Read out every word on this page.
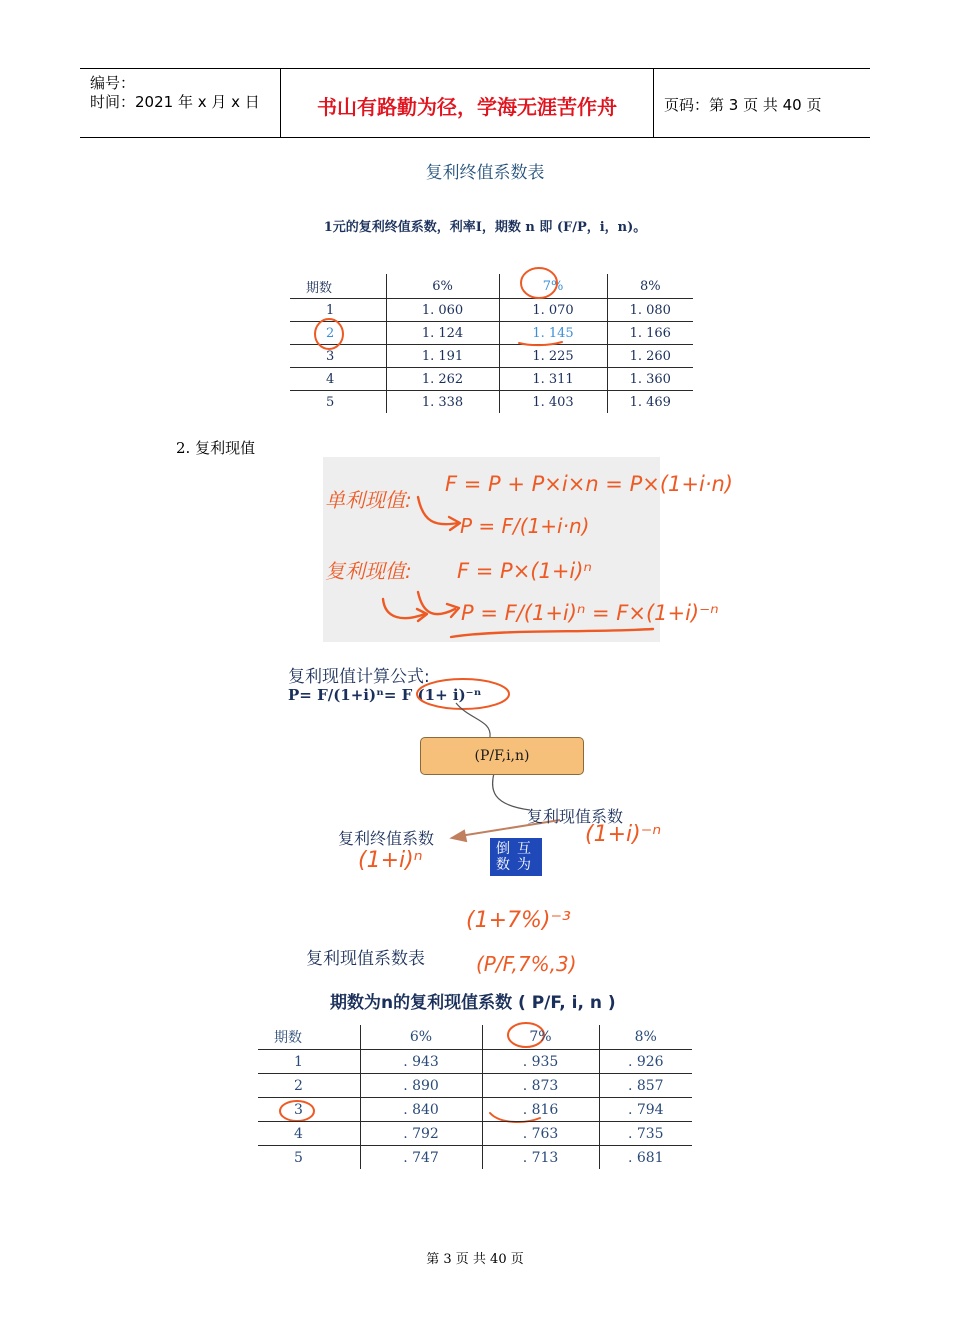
编号：
时间：2021 年 x 月 x 日	书山有路勤为径，学海无涯苦作舟	页码：第 3 页 共 40 页
复利终值系数表
1元的复利终值系数，利率I，期数 n 即 (F/P，i，n)。
期数	6%	7%	8%
1	1. 060	1. 070	1. 080
2	1. 124	1. 145	1. 166
3	1. 191	1. 225	1. 260
4	1. 262	1. 311	1. 360
5	1. 338	1. 403	1. 469
2. 复利现值
单利现值:
F = P + P×i×n = P×(1+i·n)
P = F/(1+i·n)
复利现值: F = P×(1+i)ⁿ
P = F/(1+i)ⁿ = F×(1+i)⁻ⁿ
复利现值计算公式:
P= F/(1+i)ⁿ= F (1+ i)⁻ⁿ
(P/F,i,n)
复利现值系数
复利终值系数
(1+i)ⁿ
(1+i)⁻ⁿ
倒 互
数 为
复利现值系数表
(1+7%)⁻³
(P/F,7%,3)
期数为n的复利现值系数 ( P/F, i, n )
期数	6%	7%	8%
1	. 943	. 935	. 926
2	. 890	. 873	. 857
3	. 840	. 816	. 794
4	. 792	. 763	. 735
5	. 747	. 713	. 681
第 3 页 共 40 页
